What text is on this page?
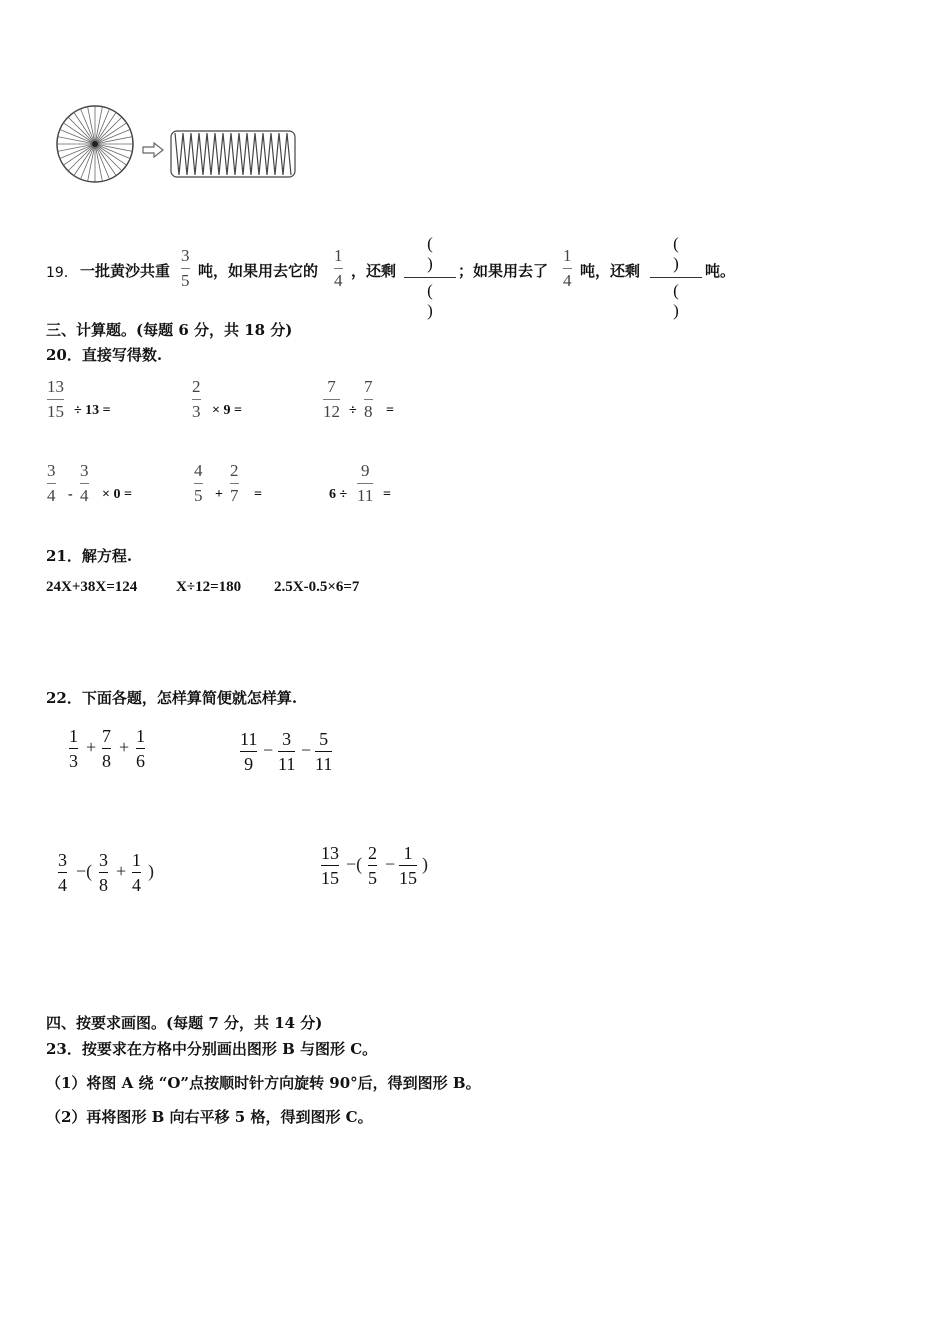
19． 一批黄沙共重
3
5 吨，如果用去它的
1
4 ，还剩
( )
( )
；如果用去了
1
4 吨，还剩
( )
( )
吨。
三、计算题。(每题 6 分，共 18 分)
20．直接写得数.
13
15 ÷ 13 =
2
3 × 9 =
7
12 ÷
7
8 =
3
4 -
3
4 × 0 =
4
5 +
2
7 =	6 ÷
9
11 =
21．解方程.
24X+38X=124	X÷12=180 2.5X-0.5×6=7
22．下面各题，怎样算简便就怎样算.
1
3
+
7
8
+
1
6
11
9
−
3
11
−
5
11
3
4
−(
3
8
+
1
4
)
13
15
−(
2
5
−
1
15
)
四、按要求画图。(每题 7 分，共 14 分)
23．按要求在方格中分别画出图形 B 与图形 C。
（1）将图 A 绕 “O”点按顺时针方向旋转 90°后，得到图形 B。
（2）再将图形 B 向右平移 5 格，得到图形 C。
